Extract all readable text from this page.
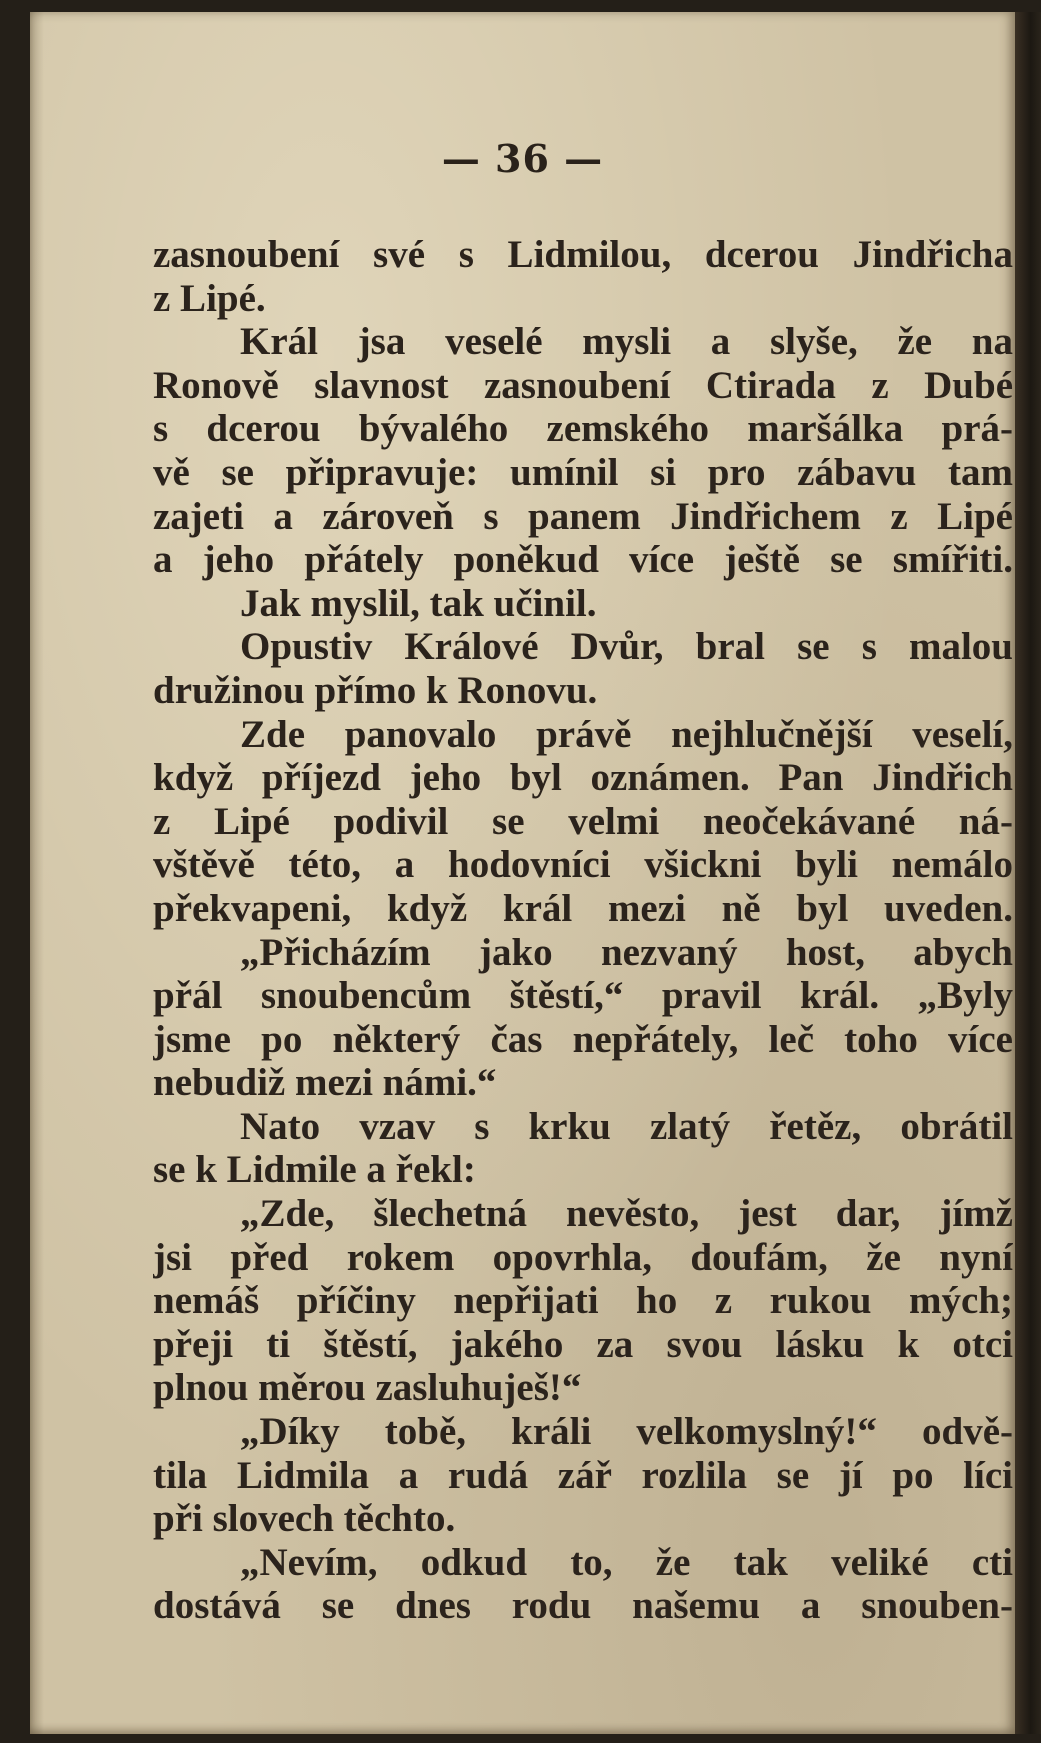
— 36 —
zasnoubení své s Lidmilou, dcerou Jindřicha
z Lipé.
Král jsa veselé mysli a slyše, že na
Ronově slavnost zasnoubení Ctirada z Dubé
s dcerou bývalého zemského maršálka prá-
vě se připravuje: umínil si pro zábavu tam
zajeti a zároveň s panem Jindřichem z Lipé
a jeho přátely poněkud více ještě se smířiti.
Jak myslil, tak učinil.
Opustiv Králové Dvůr, bral se s malou
družinou přímo k Ronovu.
Zde panovalo právě nejhlučnější veselí,
když příjezd jeho byl oznámen. Pan Jindřich
z Lipé podivil se velmi neočekávané ná-
vštěvě této, a hodovníci všickni byli nemálo
překvapeni, když král mezi ně byl uveden.
„Přicházím jako nezvaný host, abych
přál snoubencům štěstí,“ pravil král. „Byly
jsme po některý čas nepřátely, leč toho více
nebudiž mezi námi.“
Nato vzav s krku zlatý řetěz, obrátil
se k Lidmile a řekl:
„Zde, šlechetná nevěsto, jest dar, jímž
jsi před rokem opovrhla, doufám, že nyní
nemáš příčiny nepřijati ho z rukou mých;
přeji ti štěstí, jakého za svou lásku k otci
plnou měrou zasluhuješ!“
„Díky tobě, králi velkomyslný!“ odvě-
tila Lidmila a rudá zář rozlila se jí po líci
při slovech těchto.
„Nevím, odkud to, že tak veliké cti
dostává se dnes rodu našemu a snouben-
